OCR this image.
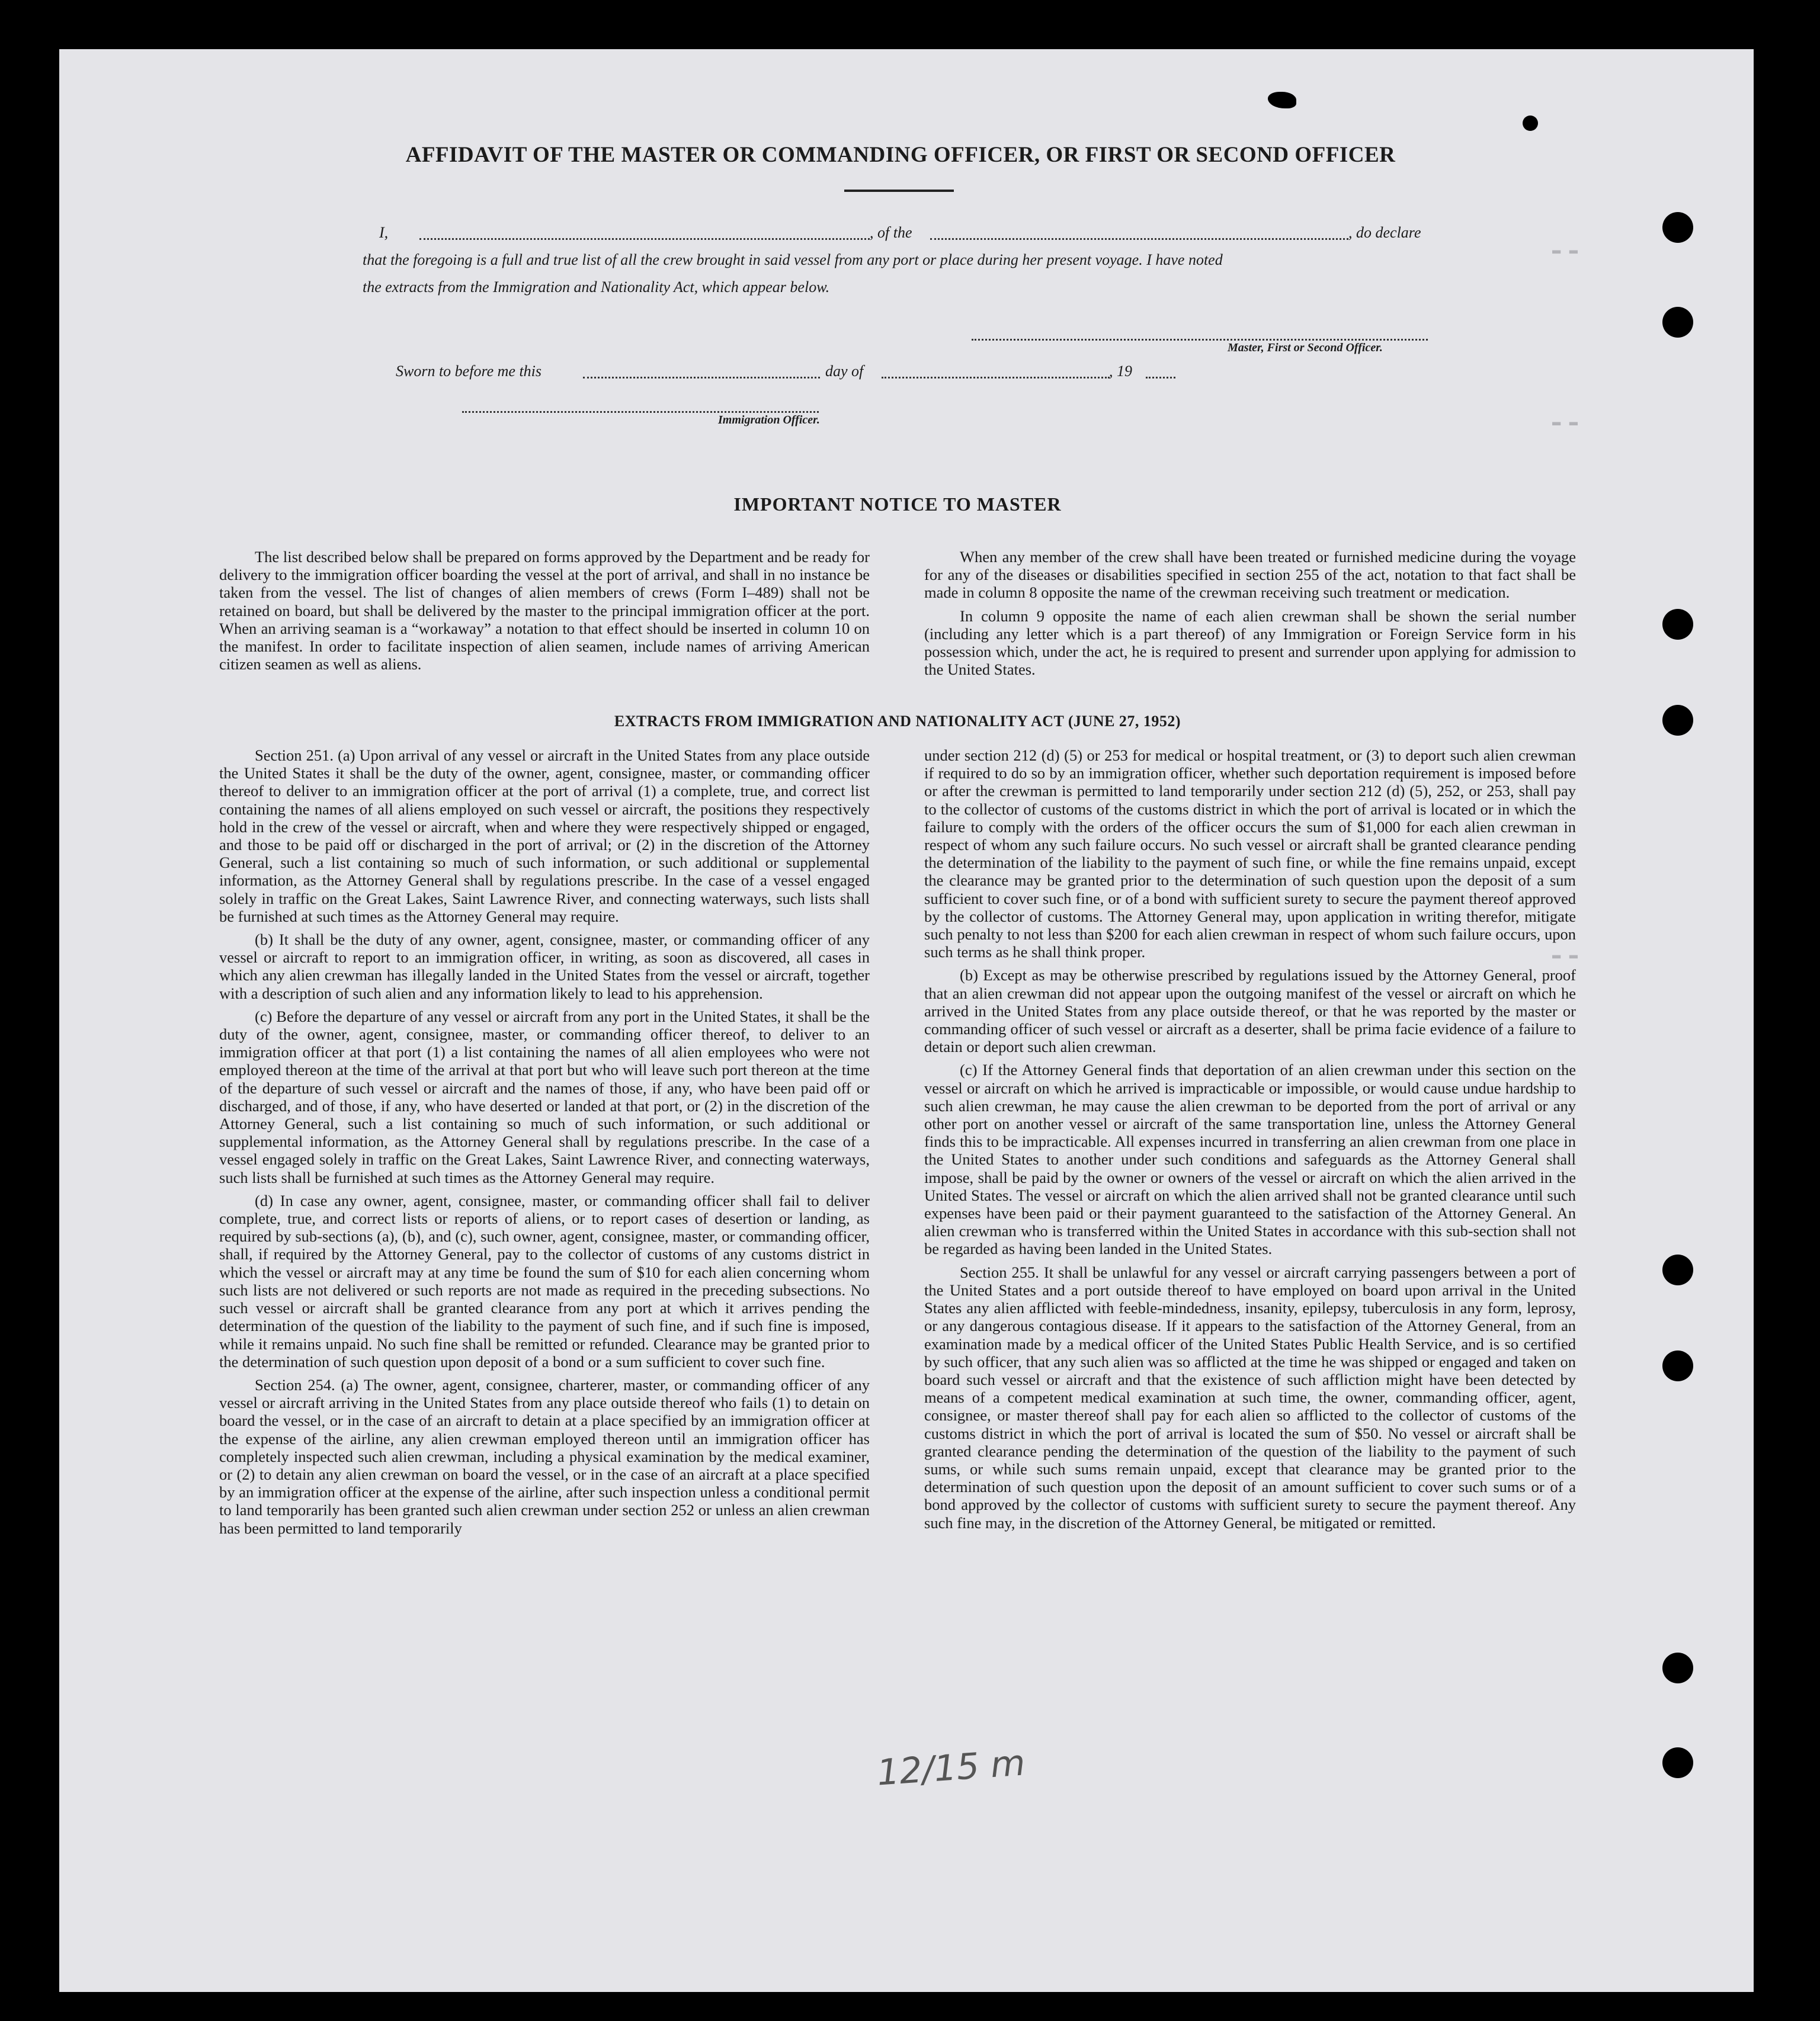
▬ ▬
▬ ▬
▬ ▬
AFFIDAVIT OF THE MASTER OR COMMANDING OFFICER, OR FIRST OR SECOND OFFICER
I,	, of the	, do declare
that the foregoing is a full and true list of all the crew brought in said vessel from any port or place during her present voyage. I have noted
the extracts from the Immigration and Nationality Act, which appear below.
Master, First or Second Officer.
Sworn to before me this	day of	, 19
Immigration Officer.
IMPORTANT NOTICE TO MASTER

The list described below shall be prepared on forms approved by the Department and be ready for delivery to the immigration officer boarding the vessel at the port of arrival, and shall in no instance be taken from the vessel. The list of changes of alien members of crews (Form I–489) shall not be retained on board, but shall be delivered by the master to the principal immigration officer at the port. When an arriving seaman is a “workaway” a notation to that effect should be inserted in column 10 on the manifest. In order to facilitate inspection of alien seamen, include names of arriving American citizen seamen as well as aliens.

When any member of the crew shall have been treated or furnished medicine during the voyage for any of the diseases or disabilities specified in section 255 of the act, notation to that fact shall be made in column 8 opposite the name of the crewman receiving such treatment or medication.

In column 9 opposite the name of each alien crewman shall be shown the serial number (including any letter which is a part thereof) of any Immigration or Foreign Service form in his possession which, under the act, he is required to present and surrender upon applying for admission to the United States.

EXTRACTS FROM IMMIGRATION AND NATIONALITY ACT (JUNE 27, 1952)

Section 251. (a) Upon arrival of any vessel or aircraft in the United States from any place outside the United States it shall be the duty of the owner, agent, consignee, master, or commanding officer thereof to deliver to an immigration officer at the port of arrival (1) a complete, true, and correct list containing the names of all aliens employed on such vessel or aircraft, the positions they respectively hold in the crew of the vessel or aircraft, when and where they were respectively shipped or engaged, and those to be paid off or discharged in the port of arrival; or (2) in the discretion of the Attorney General, such a list containing so much of such information, or such additional or supplemental information, as the Attorney General shall by regulations prescribe. In the case of a vessel engaged solely in traffic on the Great Lakes, Saint Lawrence River, and connecting waterways, such lists shall be furnished at such times as the Attorney General may require.

(b) It shall be the duty of any owner, agent, consignee, master, or commanding officer of any vessel or aircraft to report to an immigration officer, in writing, as soon as discovered, all cases in which any alien crewman has illegally landed in the United States from the vessel or aircraft, together with a description of such alien and any information likely to lead to his apprehension.

(c) Before the departure of any vessel or aircraft from any port in the United States, it shall be the duty of the owner, agent, consignee, master, or commanding officer thereof, to deliver to an immigration officer at that port (1) a list containing the names of all alien employees who were not employed thereon at the time of the arrival at that port but who will leave such port thereon at the time of the departure of such vessel or aircraft and the names of those, if any, who have been paid off or discharged, and of those, if any, who have deserted or landed at that port, or (2) in the discretion of the Attorney General, such a list containing so much of such information, or such additional or supplemental information, as the Attorney General shall by regulations prescribe. In the case of a vessel engaged solely in traffic on the Great Lakes, Saint Lawrence River, and connecting waterways, such lists shall be furnished at such times as the Attorney General may require.

(d) In case any owner, agent, consignee, master, or commanding officer shall fail to deliver complete, true, and correct lists or reports of aliens, or to report cases of desertion or landing, as required by sub-sections (a), (b), and (c), such owner, agent, consignee, master, or commanding officer, shall, if required by the Attorney General, pay to the collector of customs of any customs district in which the vessel or aircraft may at any time be found the sum of $10 for each alien concerning whom such lists are not delivered or such reports are not made as required in the preceding subsections. No such vessel or aircraft shall be granted clearance from any port at which it arrives pending the determination of the question of the liability to the payment of such fine, and if such fine is imposed, while it remains unpaid. No such fine shall be remitted or refunded. Clearance may be granted prior to the determination of such question upon deposit of a bond or a sum sufficient to cover such fine.

Section 254. (a) The owner, agent, consignee, charterer, master, or commanding officer of any vessel or aircraft arriving in the United States from any place outside thereof who fails (1) to detain on board the vessel, or in the case of an aircraft to detain at a place specified by an immigration officer at the expense of the airline, any alien crewman employed thereon until an immigration officer has completely inspected such alien crewman, including a physical examination by the medical examiner, or (2) to detain any alien crewman on board the vessel, or in the case of an aircraft at a place specified by an immigration officer at the expense of the airline, after such inspection unless a conditional permit to land temporarily has been granted such alien crewman under section 252 or unless an alien crewman has been permitted to land temporarily

under section 212 (d) (5) or 253 for medical or hospital treatment, or (3) to deport such alien crewman if required to do so by an immigration officer, whether such deportation requirement is imposed before or after the crewman is permitted to land temporarily under section 212 (d) (5), 252, or 253, shall pay to the collector of customs of the customs district in which the port of arrival is located or in which the failure to comply with the orders of the officer occurs the sum of $1,000 for each alien crewman in respect of whom any such failure occurs. No such vessel or aircraft shall be granted clearance pending the determination of the liability to the payment of such fine, or while the fine remains unpaid, except the clearance may be granted prior to the determination of such question upon the deposit of a sum sufficient to cover such fine, or of a bond with sufficient surety to secure the payment thereof approved by the collector of customs. The Attorney General may, upon application in writing therefor, mitigate such penalty to not less than $200 for each alien crewman in respect of whom such failure occurs, upon such terms as he shall think proper.

(b) Except as may be otherwise prescribed by regulations issued by the Attorney General, proof that an alien crewman did not appear upon the outgoing manifest of the vessel or aircraft on which he arrived in the United States from any place outside thereof, or that he was reported by the master or commanding officer of such vessel or aircraft as a deserter, shall be prima facie evidence of a failure to detain or deport such alien crewman.

(c) If the Attorney General finds that deportation of an alien crewman under this section on the vessel or aircraft on which he arrived is impracticable or impossible, or would cause undue hardship to such alien crewman, he may cause the alien crewman to be deported from the port of arrival or any other port on another vessel or aircraft of the same transportation line, unless the Attorney General finds this to be impracticable. All expenses incurred in transferring an alien crewman from one place in the United States to another under such conditions and safeguards as the Attorney General shall impose, shall be paid by the owner or owners of the vessel or aircraft on which the alien arrived in the United States. The vessel or aircraft on which the alien arrived shall not be granted clearance until such expenses have been paid or their payment guaranteed to the satisfaction of the Attorney General. An alien crewman who is transferred within the United States in accordance with this sub-section shall not be regarded as having been landed in the United States.

Section 255. It shall be unlawful for any vessel or aircraft carrying passengers between a port of the United States and a port outside thereof to have employed on board upon arrival in the United States any alien afflicted with feeble-mindedness, insanity, epilepsy, tuberculosis in any form, leprosy, or any dangerous contagious disease. If it appears to the satisfaction of the Attorney General, from an examination made by a medical officer of the United States Public Health Service, and is so certified by such officer, that any such alien was so afflicted at the time he was shipped or engaged and taken on board such vessel or aircraft and that the existence of such affliction might have been detected by means of a competent medical examination at such time, the owner, commanding officer, agent, consignee, or master thereof shall pay for each alien so afflicted to the collector of customs of the customs district in which the port of arrival is located the sum of $50. No vessel or aircraft shall be granted clearance pending the determination of the question of the liability to the payment of such sums, or while such sums remain unpaid, except that clearance may be granted prior to the determination of such question upon the deposit of an amount sufficient to cover such sums or of a bond approved by the collector of customs with sufficient surety to secure the payment thereof. Any such fine may, in the discretion of the Attorney General, be mitigated or remitted.

12/15 m
